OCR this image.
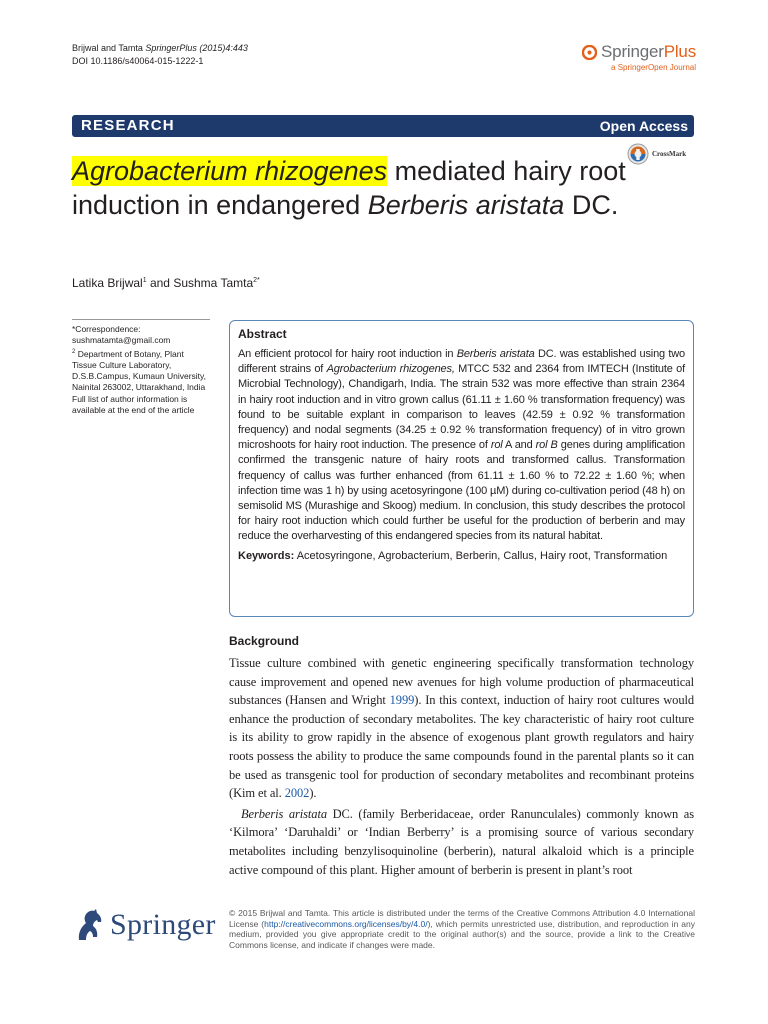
Brijwal and Tamta SpringerPlus (2015)4:443
DOI 10.1186/s40064-015-1222-1	SpringerPlus
a SpringerOpen Journal
RESEARCH	Open Access
CrossMark
Agrobacterium rhizogenes mediated hairy root induction in endangered Berberis aristata DC.
Latika Brijwal$^1$ and Sushma Tamta$^{2*}$
*Correspondence:
sushmatamta@gmail.com
$^2$ Department of Botany, Plant Tissue Culture Laboratory, D.S.B.Campus, Kumaun University, Nainital 263002, Uttarakhand, India
Full list of author information is available at the end of the article
Abstract
An efficient protocol for hairy root induction in Berberis aristata DC. was established using two different strains of Agrobacterium rhizogenes, MTCC 532 and 2364 from IMTECH (Institute of Microbial Technology), Chandigarh, India. The strain 532 was more effective than strain 2364 in hairy root induction and in vitro grown callus (61.11 ± 1.60 % transformation frequency) was found to be suitable explant in comparison to leaves (42.59 ± 0.92 % transformation frequency) and nodal segments (34.25 ± 0.92 % transformation frequency) of in vitro grown microshoots for hairy root induction. The presence of rol A and rol B genes during amplification confirmed the transgenic nature of hairy roots and transformed callus. Transformation frequency of callus was further enhanced (from 61.11 ± 1.60 % to 72.22 ± 1.60 %; when infection time was 1 h) by using acetosyringone (100 µM) during co-cultivation period (48 h) on semisolid MS (Murashige and Skoog) medium. In conclusion, this study describes the protocol for hairy root induction which could further be useful for the production of berberin and may reduce the overharvesting of this endangered species from its natural habitat.
Keywords: Acetosyringone, Agrobacterium, Berberin, Callus, Hairy root, Transformation
Background

Tissue culture combined with genetic engineering specifically transformation technology cause improvement and opened new avenues for high volume production of pharmaceutical substances (Hansen and Wright 1999). In this context, induction of hairy root cultures would enhance the production of secondary metabolites. The key characteristic of hairy root culture is its ability to grow rapidly in the absence of exogenous plant growth regulators and hairy roots possess the ability to produce the same compounds found in the parental plants so it can be used as transgenic tool for production of secondary metabolites and recombinant proteins (Kim et al. 2002).

Berberis aristata DC. (family Berberidaceae, order Ranunculales) commonly known as ‘Kilmora’ ‘Daruhaldi’ or ‘Indian Berberry’ is a promising source of various secondary metabolites including benzylisoquinoline (berberin), natural alkaloid which is a principle active compound of this plant. Higher amount of berberin is present in plant’s root

Springer © 2015 Brijwal and Tamta. This article is distributed under the terms of the Creative Commons Attribution 4.0 International License (http://creativecommons.org/licenses/by/4.0/), which permits unrestricted use, distribution, and reproduction in any medium, provided you give appropriate credit to the original author(s) and the source, provide a link to the Creative Commons license, and indicate if changes were made.
